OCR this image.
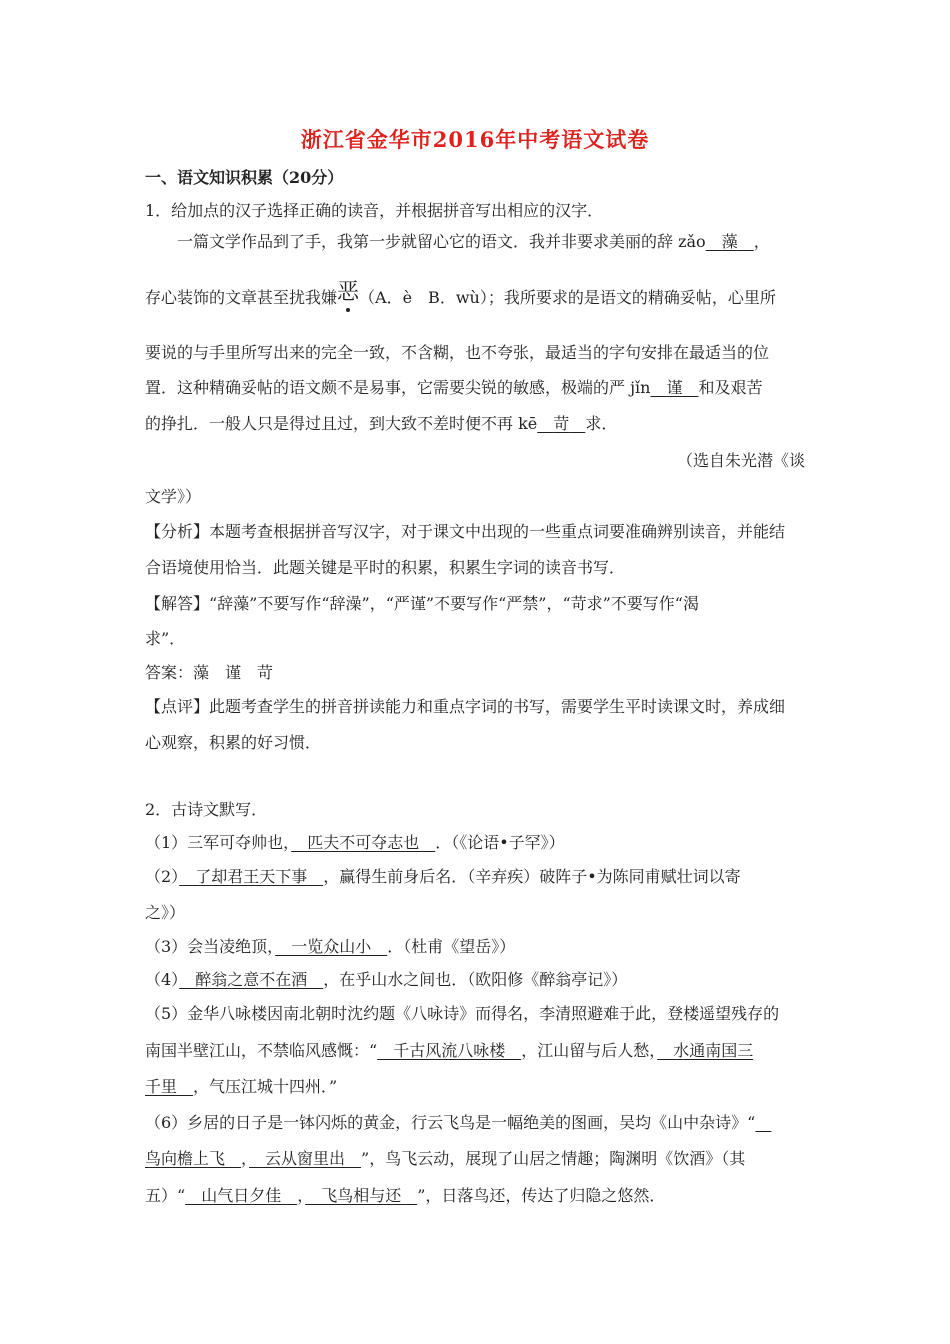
浙江省金华市2016年中考语文试卷
一、语文知识积累（20分）
1．给加点的汉子选择正确的读音，并根据拼音写出相应的汉字．
一篇文学作品到了手，我第一步就留心它的语文．我并非要求美丽的辞 zǎo　 藻　 ，
存心装饰的文章甚至扰我嫌恶
（A．è　B．wù）；我所要求的是语文的精确妥帖，心里所
要说的与手里所写出来的完全一致，不含糊，也不夸张，最适当的字句安排在最适当的位
置．这种精确妥帖的语文颇不是易事，它需要尖锐的敏感，极端的严 jǐn　 谨　 和及艰苦
的挣扎．一般人只是得过且过，到大致不差时便不再 kē　 苛　 求．
（选自朱光潜《谈
文学》）
【分析】本题考查根据拼音写汉字，对于课文中出现的一些重点词要准确辨别读音，并能结
合语境使用恰当．此题关键是平时的积累，积累生字词的读音书写．
【解答】“辞藻”不要写作“辞澡”，“严谨”不要写作“严禁”，“苛求”不要写作“渴
求”．
答案：藻　谨　苛
【点评】此题考查学生的拼音拼读能力和重点字词的书写，需要学生平时读课文时，养成细
心观察，积累的好习惯．
2．古诗文默写．
（1）三军可夺帅也，　匹夫不可夺志也　．（《论语•子罕》）
（2）　了却君王天下事　，赢得生前身后名．（辛弃疾）破阵子•为陈同甫赋壮词以寄
之》）
（3）会当凌绝顶，　一览众山小　．（杜甫《望岳》）
（4）　醉翁之意不在酒　，在乎山水之间也．（欧阳修《醉翁亭记》）
（5）金华八咏楼因南北朝时沈约题《八咏诗》而得名，李清照避难于此，登楼遥望残存的
南国半壁江山，不禁临风感慨：“　千古风流八咏楼　，江山留与后人愁，　水通南国三
千里　，气压江城十四州．”
（6）乡居的日子是一钵闪烁的黄金，行云飞鸟是一幅绝美的图画，吴均《山中杂诗》“　
鸟向檐上飞　，　云从窗里出　”，鸟飞云动，展现了山居之情趣；陶渊明《饮酒》（其
五）“　山气日夕佳　，　飞鸟相与还　”，日落鸟还，传达了归隐之悠然．
